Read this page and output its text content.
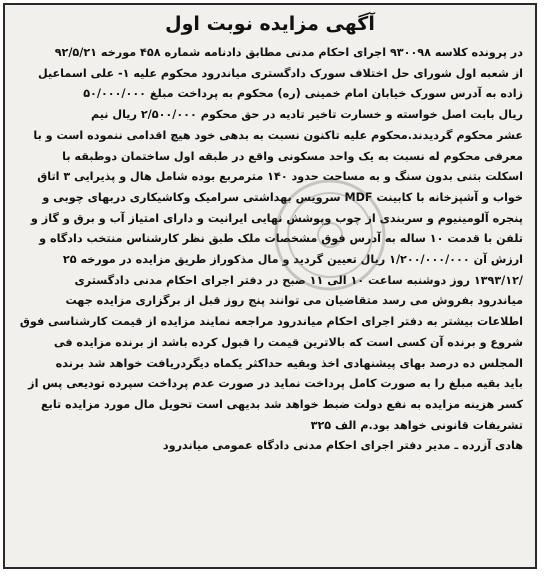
آگهی مزایده نوبت اول
در پرونده کلاسه ۹۳۰۰۹۸ اجرای احکام مدنی مطابق دادنامه شماره ۴۵۸ مورخه ۹۲/۵/۲۱
از شعبه اول شورای حل اختلاف سورک دادگستری میاندرود محکوم علیه ۱- علی اسماعیل
زاده به آدرس سورک خیابان امام خمینی (ره) محکوم به پرداخت مبلغ ۵۰/۰۰۰/۰۰۰
ریال بابت اصل خواسته و خسارت تاخیر تادیه در حق محکوم ۲/۵۰۰/۰۰۰ ریال نیم
عشر محکوم گردیدند.محکوم علیه تاکنون نسبت به بدهی خود هیچ اقدامی ننموده است و با
معرفی محکوم له نسبت به یک واحد مسکونی واقع در طبقه اول ساختمان دوطبقه با
اسکلت بتنی بدون سنگ و به مساحت حدود ۱۴۰ مترمربع بوده شامل هال و پذیرایی ۳ اتاق
خواب و آشپزخانه با کابینت MDF سرویس بهداشتی سرامیک وکاشیکاری دربهای چوبی و
پنجره آلومینیوم و سربندی از چوب وپوشش نهایی ایرانیت و دارای امتیاز آب و برق و گاز و
تلفن با قدمت ۱۰ ساله به آدرس فوق مشخصات ملک طبق نظر کارشناس منتخب دادگاه و
ارزش آن ۱/۲۰۰/۰۰۰/۰۰۰ ریال تعیین گردید و مال مذکوراز طریق مزایده در مورخه ۲۵
/۱۳۹۳/۱۲ روز دوشنبه ساعت ۱۰ الی ۱۱ صبح در دفتر اجرای احکام مدنی دادگستری
میاندرود بفروش می رسد متقاضیان می توانند پنج روز قبل از برگزاری مزایده جهت
اطلاعات بیشتر به دفتر اجرای احکام میاندرود مراجعه نمایند مزایده از قیمت کارشناسی فوق
شروع و برنده آن کسی است که بالاترین قیمت را قبول کرده باشد از برنده مزایده فی
المجلس ده درصد بهای پیشنهادی اخذ وبقیه حداکثر یکماه دیگردریافت خواهد شد برنده
باید بقیه مبلغ را به صورت کامل پرداخت نماید در صورت عدم پرداخت سپرده تودیعی پس از
کسر هزینه مزایده به نفع دولت ضبط خواهد شد بدیهی است تحویل مال مورد مزایده تابع
تشریفات قانونی خواهد بود.م الف ۳۲۵
هادی آزرده ـ مدیر دفتر اجرای احکام مدنی دادگاه عمومی میاندرود
